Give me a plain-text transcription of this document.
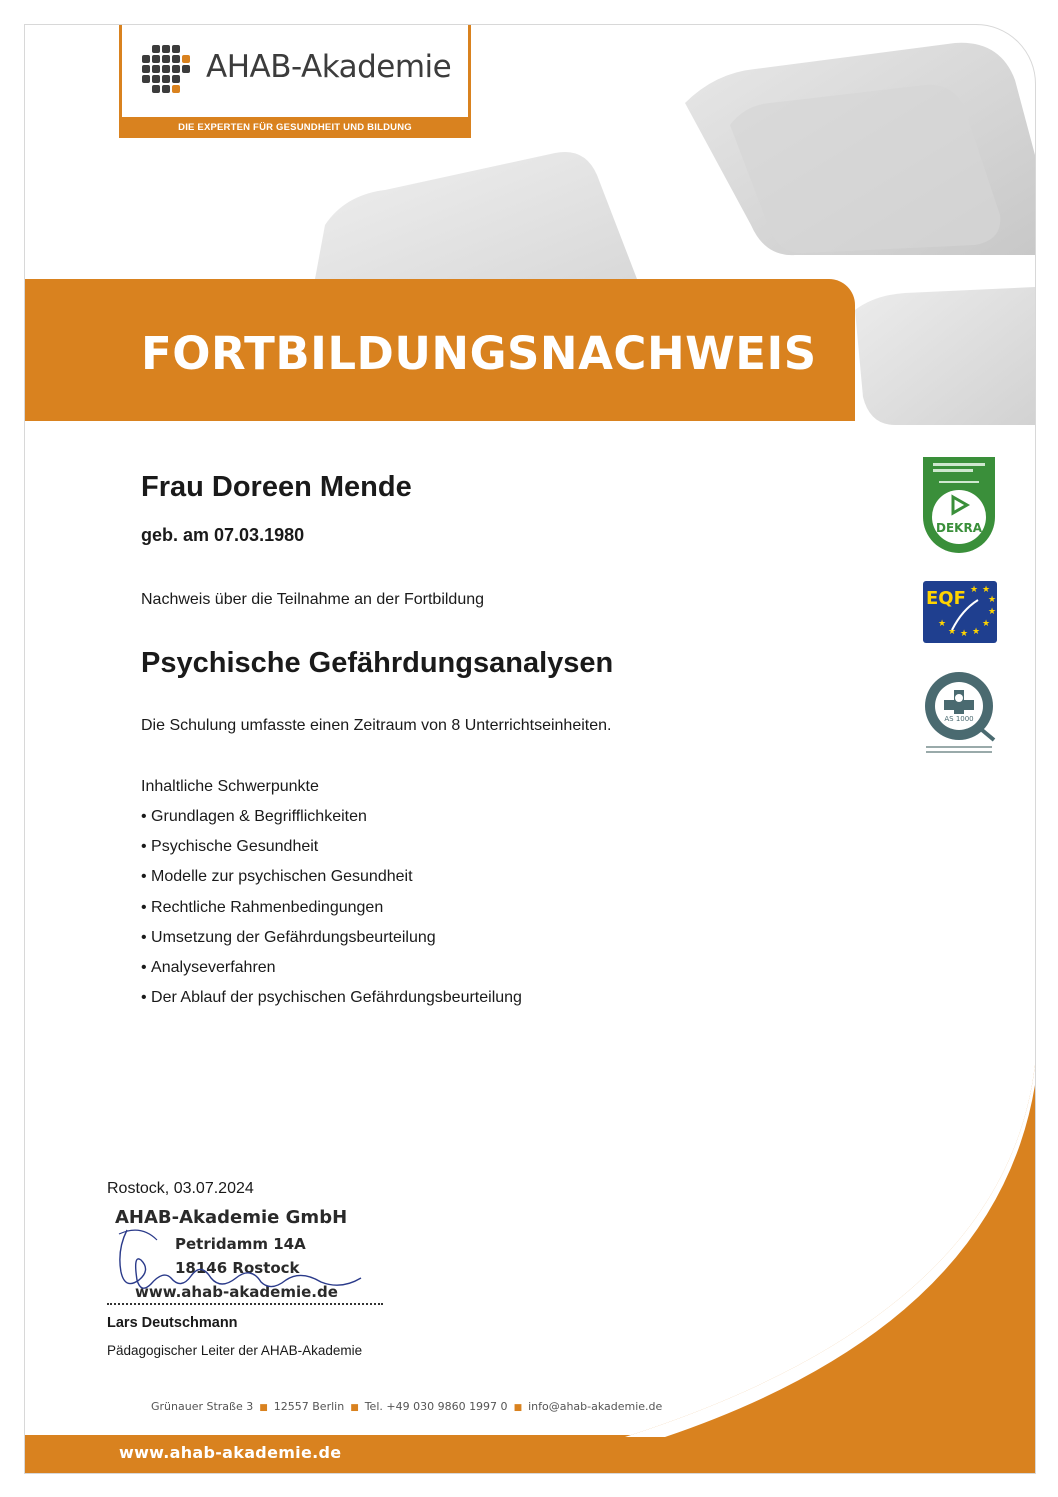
AHAB-Akademie
DIE EXPERTEN FÜR GESUNDHEIT UND BILDUNG
FORTBILDUNGSNACHWEIS
Frau Doreen Mende
geb. am 07.03.1980
Nachweis über die Teilnahme an der Fortbildung
Psychische Gefährdungsanalysen
Die Schulung umfasste einen Zeitraum von 8 Unterrichtseinheiten.
Inhaltliche Schwerpunkte
• Grundlagen & Begrifflichkeiten
• Psychische Gesundheit
• Modelle zur psychischen Gesundheit
• Rechtliche Rahmenbedingungen
• Umsetzung der Gefährdungsbeurteilung
• Analyseverfahren
• Der Ablauf der psychischen Gefährdungsbeurteilung
DEKRA
EQF ★
★
★
★
★
★
★
★
★
AS 1000
Rostock, 03.07.2024
AHAB-Akademie GmbH
Petridamm 14A
18146 Rostock
www.ahab-akademie.de
Lars Deutschmann
Pädagogischer Leiter der AHAB-Akademie
Grünauer Straße 3 ■ 12557 Berlin ■ Tel. +49 030 9860 1997 0 ■ info@ahab-akademie.de
www.ahab-akademie.de
